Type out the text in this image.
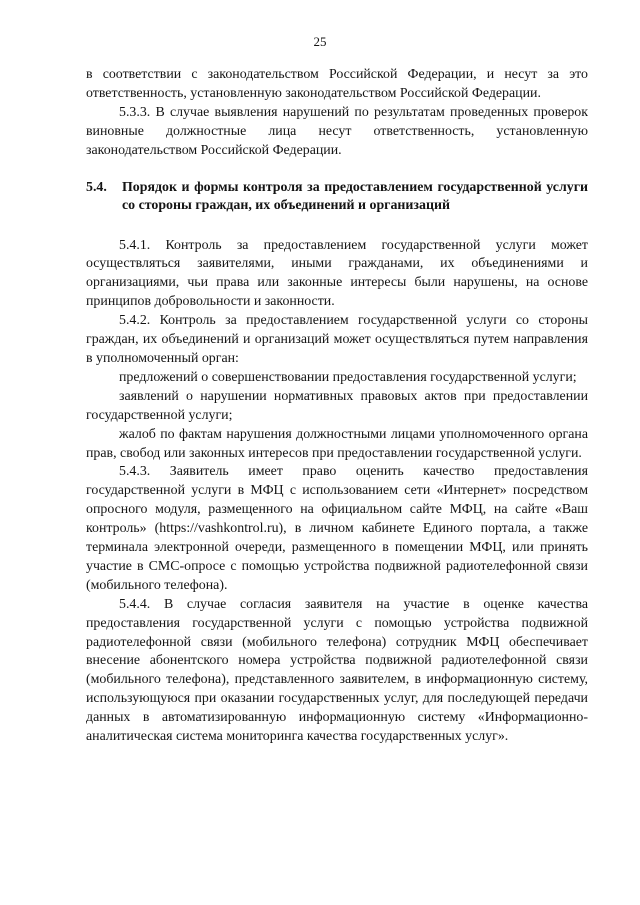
25

в соответствии с законодательством Российской Федерации, и несут за это ответственность, установленную законодательством Российской Федерации.

5.3.3. В случае выявления нарушений по результатам проведенных проверок виновные должностные лица несут ответственность, установленную законодательством Российской Федерации.

5.4. Порядок и формы контроля за предоставлением государственной услуги со стороны граждан, их объединений и организаций

5.4.1. Контроль за предоставлением государственной услуги может осуществляться заявителями, иными гражданами, их объединениями и организациями, чьи права или законные интересы были нарушены, на основе принципов добровольности и законности.

5.4.2. Контроль за предоставлением государственной услуги со стороны граждан, их объединений и организаций может осуществляться путем направления в уполномоченный орган:

предложений о совершенствовании предоставления государственной услуги;

заявлений о нарушении нормативных правовых актов при предоставлении государственной услуги;

жалоб по фактам нарушения должностными лицами уполномоченного органа прав, свобод или законных интересов при предоставлении государственной услуги.

5.4.3. Заявитель имеет право оценить качество предоставления государственной услуги в МФЦ с использованием сети «Интернет» посредством опросного модуля, размещенного на официальном сайте МФЦ, на сайте «Ваш контроль» (https://vashkontrol.ru), в личном кабинете Единого портала, а также терминала электронной очереди, размещенного в помещении МФЦ, или принять участие в СМС-опросе с помощью устройства подвижной радиотелефонной связи (мобильного телефона).

5.4.4. В случае согласия заявителя на участие в оценке качества предоставления государственной услуги с помощью устройства подвижной радиотелефонной связи (мобильного телефона) сотрудник МФЦ обеспечивает внесение абонентского номера устройства подвижной радиотелефонной связи (мобильного телефона), представленного заявителем, в информационную систему, использующуюся при оказании государственных услуг, для последующей передачи данных в автоматизированную информационную систему «Информационно-аналитическая система мониторинга качества государственных услуг».
